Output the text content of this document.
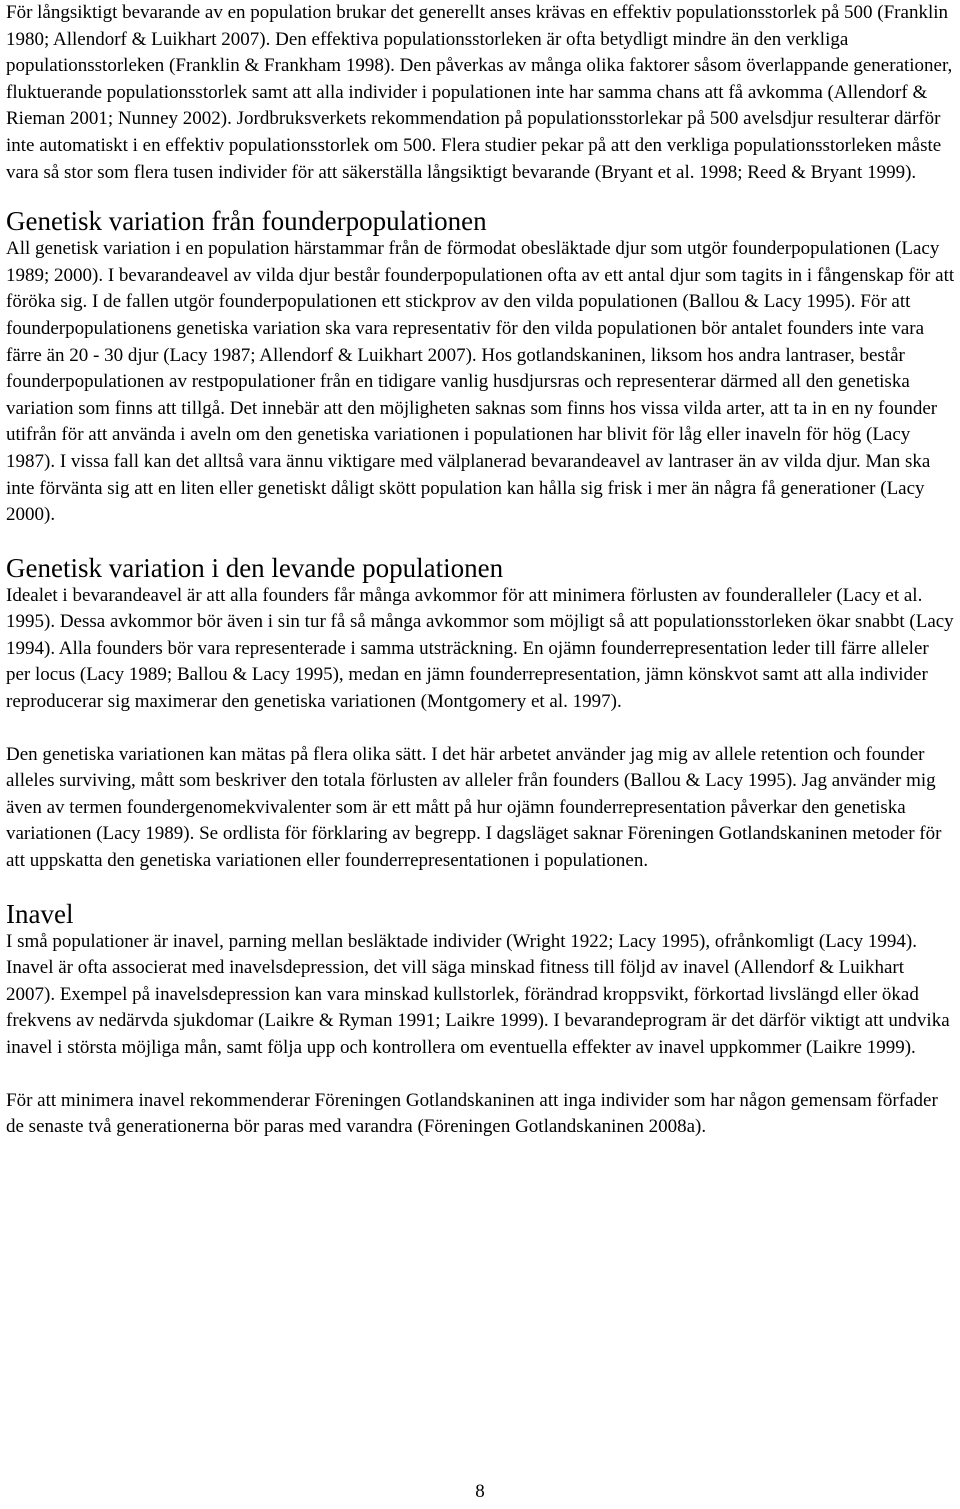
För långsiktigt bevarande av en population brukar det generellt anses krävas en effektiv populationsstorlek på 500 (Franklin 1980; Allendorf & Luikhart 2007). Den effektiva populationsstorleken är ofta betydligt mindre än den verkliga populationsstorleken (Franklin & Frankham 1998). Den påverkas av många olika faktorer såsom överlappande generationer, fluktuerande populationsstorlek samt att alla individer i populationen inte har samma chans att få avkomma (Allendorf & Rieman 2001; Nunney 2002). Jordbruksverkets rekommendation på populationsstorlekar på 500 avelsdjur resulterar därför inte automatiskt i en effektiv populationsstorlek om 500. Flera studier pekar på att den verkliga populationsstorleken måste vara så stor som flera tusen individer för att säkerställa långsiktigt bevarande (Bryant et al. 1998; Reed & Bryant 1999).

Genetisk variation från founderpopulationen

All genetisk variation i en population härstammar från de förmodat obesläktade djur som utgör founderpopulationen (Lacy 1989; 2000). I bevarandeavel av vilda djur består founderpopulationen ofta av ett antal djur som tagits in i fångenskap för att föröka sig. I de fallen utgör founderpopulationen ett stickprov av den vilda populationen (Ballou & Lacy 1995). För att founderpopulationens genetiska variation ska vara representativ för den vilda populationen bör antalet founders inte vara färre än 20 - 30 djur (Lacy 1987; Allendorf & Luikhart 2007). Hos gotlandskaninen, liksom hos andra lantraser, består founderpopulationen av restpopulationer från en tidigare vanlig husdjursras och representerar därmed all den genetiska variation som finns att tillgå. Det innebär att den möjligheten saknas som finns hos vissa vilda arter, att ta in en ny founder utifrån för att använda i aveln om den genetiska variationen i populationen har blivit för låg eller inaveln för hög (Lacy 1987). I vissa fall kan det alltså vara ännu viktigare med välplanerad bevarandeavel av lantraser än av vilda djur. Man ska inte förvänta sig att en liten eller genetiskt dåligt skött population kan hålla sig frisk i mer än några få generationer (Lacy 2000).

Genetisk variation i den levande populationen

Idealet i bevarandeavel är att alla founders får många avkommor för att minimera förlusten av founderalleler (Lacy et al. 1995). Dessa avkommor bör även i sin tur få så många avkommor som möjligt så att populationsstorleken ökar snabbt (Lacy 1994). Alla founders bör vara representerade i samma utsträckning. En ojämn founderrepresentation leder till färre alleler per locus (Lacy 1989; Ballou & Lacy 1995), medan en jämn founderrepresentation, jämn könskvot samt att alla individer reproducerar sig maximerar den genetiska variationen (Montgomery et al. 1997).

Den genetiska variationen kan mätas på flera olika sätt. I det här arbetet använder jag mig av allele retention och founder alleles surviving, mått som beskriver den totala förlusten av alleler från founders (Ballou & Lacy 1995). Jag använder mig även av termen foundergenomekvivalenter som är ett mått på hur ojämn founderrepresentation påverkar den genetiska variationen (Lacy 1989). Se ordlista för förklaring av begrepp. I dagsläget saknar Föreningen Gotlandskaninen metoder för att uppskatta den genetiska variationen eller founderrepresentationen i populationen.

Inavel

I små populationer är inavel, parning mellan besläktade individer (Wright 1922; Lacy 1995), ofrånkomligt (Lacy 1994). Inavel är ofta associerat med inavelsdepression, det vill säga minskad fitness till följd av inavel (Allendorf & Luikhart 2007). Exempel på inavelsdepression kan vara minskad kullstorlek, förändrad kroppsvikt, förkortad livslängd eller ökad frekvens av nedärvda sjukdomar (Laikre & Ryman 1991; Laikre 1999). I bevarandeprogram är det därför viktigt att undvika inavel i största möjliga mån, samt följa upp och kontrollera om eventuella effekter av inavel uppkommer (Laikre 1999).

För att minimera inavel rekommenderar Föreningen Gotlandskaninen att inga individer som har någon gemensam förfader de senaste två generationerna bör paras med varandra (Föreningen Gotlandskaninen 2008a).

8
